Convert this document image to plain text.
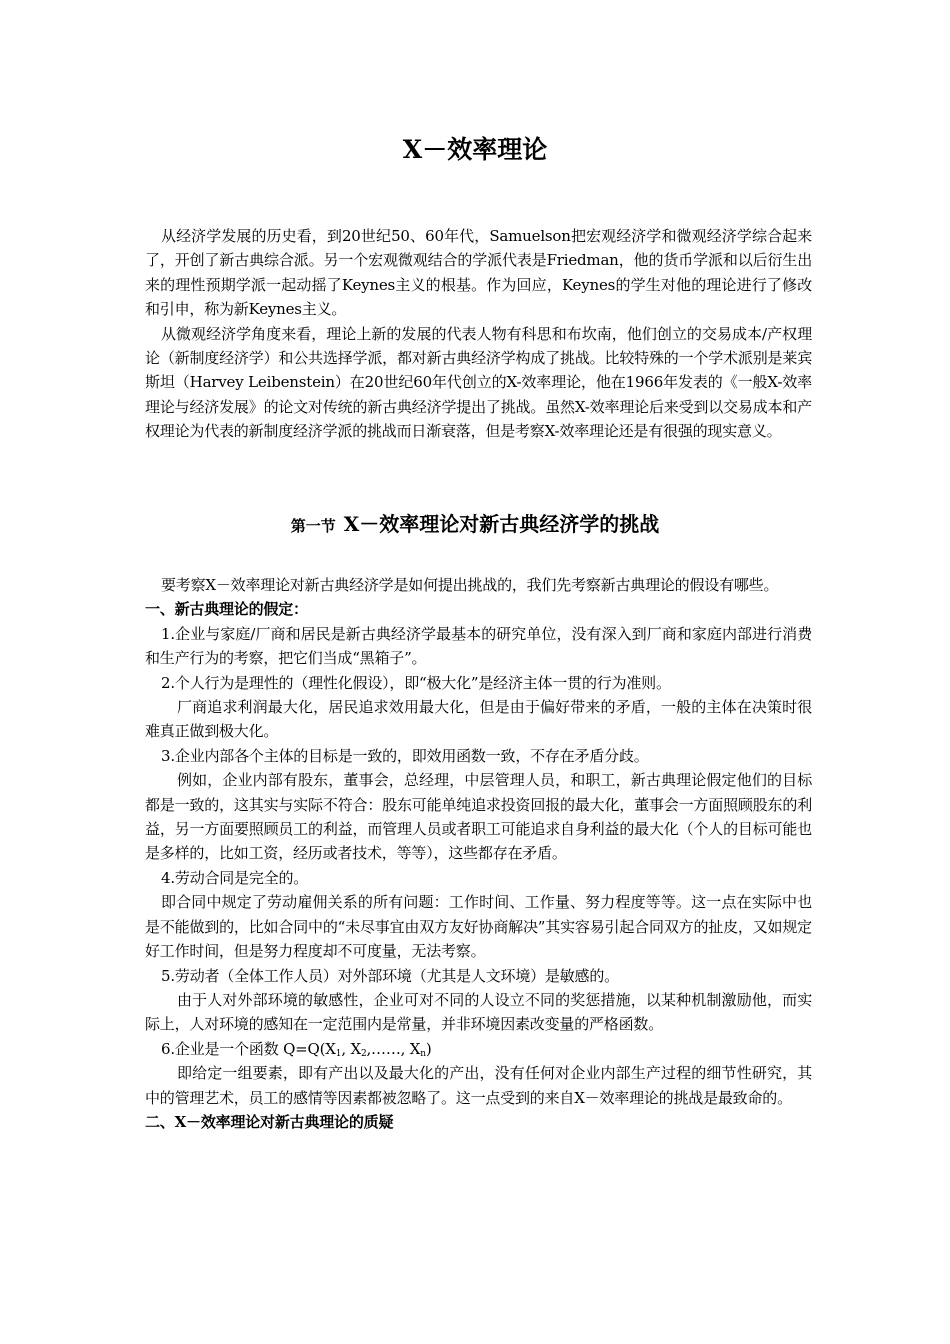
X－效率理论

从经济学发展的历史看，到20世纪50、60年代，Samuelson把宏观经济学和微观经济学综合起来了，开创了新古典综合派。另一个宏观微观结合的学派代表是Friedman，他的货币学派和以后衍生出来的理性预期学派一起动摇了Keynes主义的根基。作为回应，Keynes的学生对他的理论进行了修改和引申，称为新Keynes主义。

从微观经济学角度来看，理论上新的发展的代表人物有科思和布坎南，他们创立的交易成本/产权理论（新制度经济学）和公共选择学派，都对新古典经济学构成了挑战。比较特殊的一个学术派别是莱宾斯坦（Harvey Leibenstein）在20世纪60年代创立的X-效率理论，他在1966年发表的《一般X-效率理论与经济发展》的论文对传统的新古典经济学提出了挑战。虽然X-效率理论后来受到以交易成本和产权理论为代表的新制度经济学派的挑战而日渐衰落，但是考察X-效率理论还是有很强的现实意义。

第一节 X－效率理论对新古典经济学的挑战

要考察X－效率理论对新古典经济学是如何提出挑战的，我们先考察新古典理论的假设有哪些。

一、新古典理论的假定：

1.企业与家庭/厂商和居民是新古典经济学最基本的研究单位，没有深入到厂商和家庭内部进行消费和生产行为的考察，把它们当成“黑箱子”。

2.个人行为是理性的（理性化假设），即“极大化”是经济主体一贯的行为准则。

厂商追求利润最大化，居民追求效用最大化，但是由于偏好带来的矛盾，一般的主体在决策时很难真正做到极大化。

3.企业内部各个主体的目标是一致的，即效用函数一致，不存在矛盾分歧。

例如，企业内部有股东，董事会，总经理，中层管理人员，和职工，新古典理论假定他们的目标都是一致的，这其实与实际不符合：股东可能单纯追求投资回报的最大化，董事会一方面照顾股东的利益，另一方面要照顾员工的利益，而管理人员或者职工可能追求自身利益的最大化（个人的目标可能也是多样的，比如工资，经历或者技术，等等），这些都存在矛盾。

4.劳动合同是完全的。

即合同中规定了劳动雇佣关系的所有问题：工作时间、工作量、努力程度等等。这一点在实际中也是不能做到的，比如合同中的“未尽事宜由双方友好协商解决”其实容易引起合同双方的扯皮，又如规定好工作时间，但是努力程度却不可度量，无法考察。

5.劳动者（全体工作人员）对外部环境（尤其是人文环境）是敏感的。

由于人对外部环境的敏感性，企业可对不同的人设立不同的奖惩措施，以某种机制激励他，而实际上，人对环境的感知在一定范围内是常量，并非环境因素改变量的严格函数。

6.企业是一个函数 $Q=Q(X_1$, $X_2,\dots\dots$, $X_n$)

即给定一组要素，即有产出以及最大化的产出，没有任何对企业内部生产过程的细节性研究，其中的管理艺术，员工的感情等因素都被忽略了。这一点受到的来自X－效率理论的挑战是最致命的。

二、X－效率理论对新古典理论的质疑
